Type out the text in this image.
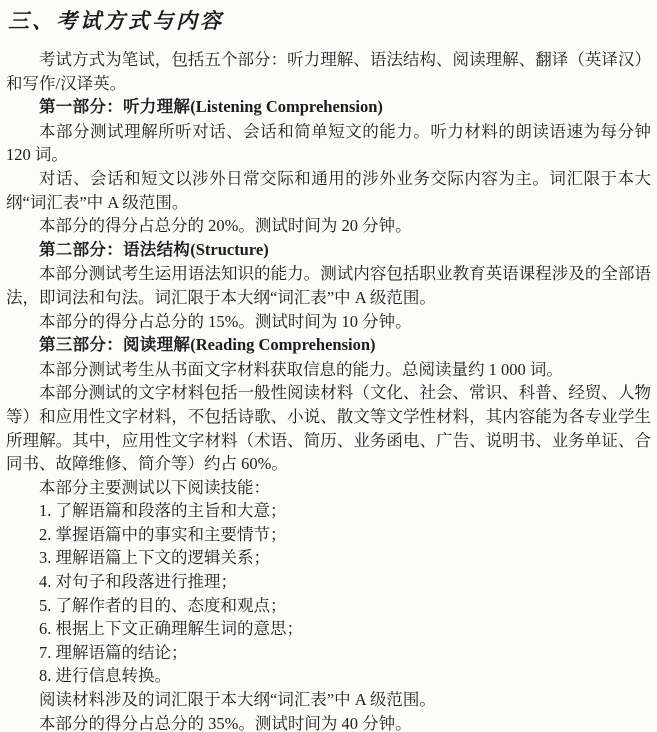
三、考试方式与内容

考试方式为笔试，包括五个部分：听力理解、语法结构、阅读理解、翻译（英译汉）和写作/汉译英。

第一部分：听力理解(Listening Comprehension)

本部分测试理解所听对话、会话和简单短文的能力。听力材料的朗读语速为每分钟 120 词。

对话、会话和短文以涉外日常交际和通用的涉外业务交际内容为主。词汇限于本大纲“词汇表”中 A 级范围。

本部分的得分占总分的 20%。测试时间为 20 分钟。

第二部分：语法结构(Structure)

本部分测试考生运用语法知识的能力。测试内容包括职业教育英语课程涉及的全部语法，即词法和句法。词汇限于本大纲“词汇表”中 A 级范围。

本部分的得分占总分的 15%。测试时间为 10 分钟。

第三部分：阅读理解(Reading Comprehension)

本部分测试考生从书面文字材料获取信息的能力。总阅读量约 1 000 词。

本部分测试的文字材料包括一般性阅读材料（文化、社会、常识、科普、经贸、人物等）和应用性文字材料，不包括诗歌、小说、散文等文学性材料，其内容能为各专业学生所理解。其中，应用性文字材料（术语、简历、业务函电、广告、说明书、业务单证、合同书、故障维修、简介等）约占 60%。

本部分主要测试以下阅读技能：

1. 了解语篇和段落的主旨和大意；

2. 掌握语篇中的事实和主要情节；

3. 理解语篇上下文的逻辑关系；

4. 对句子和段落进行推理；

5. 了解作者的目的、态度和观点；

6. 根据上下文正确理解生词的意思；

7. 理解语篇的结论；

8. 进行信息转换。

阅读材料涉及的词汇限于本大纲“词汇表”中 A 级范围。

本部分的得分占总分的 35%。测试时间为 40 分钟。
